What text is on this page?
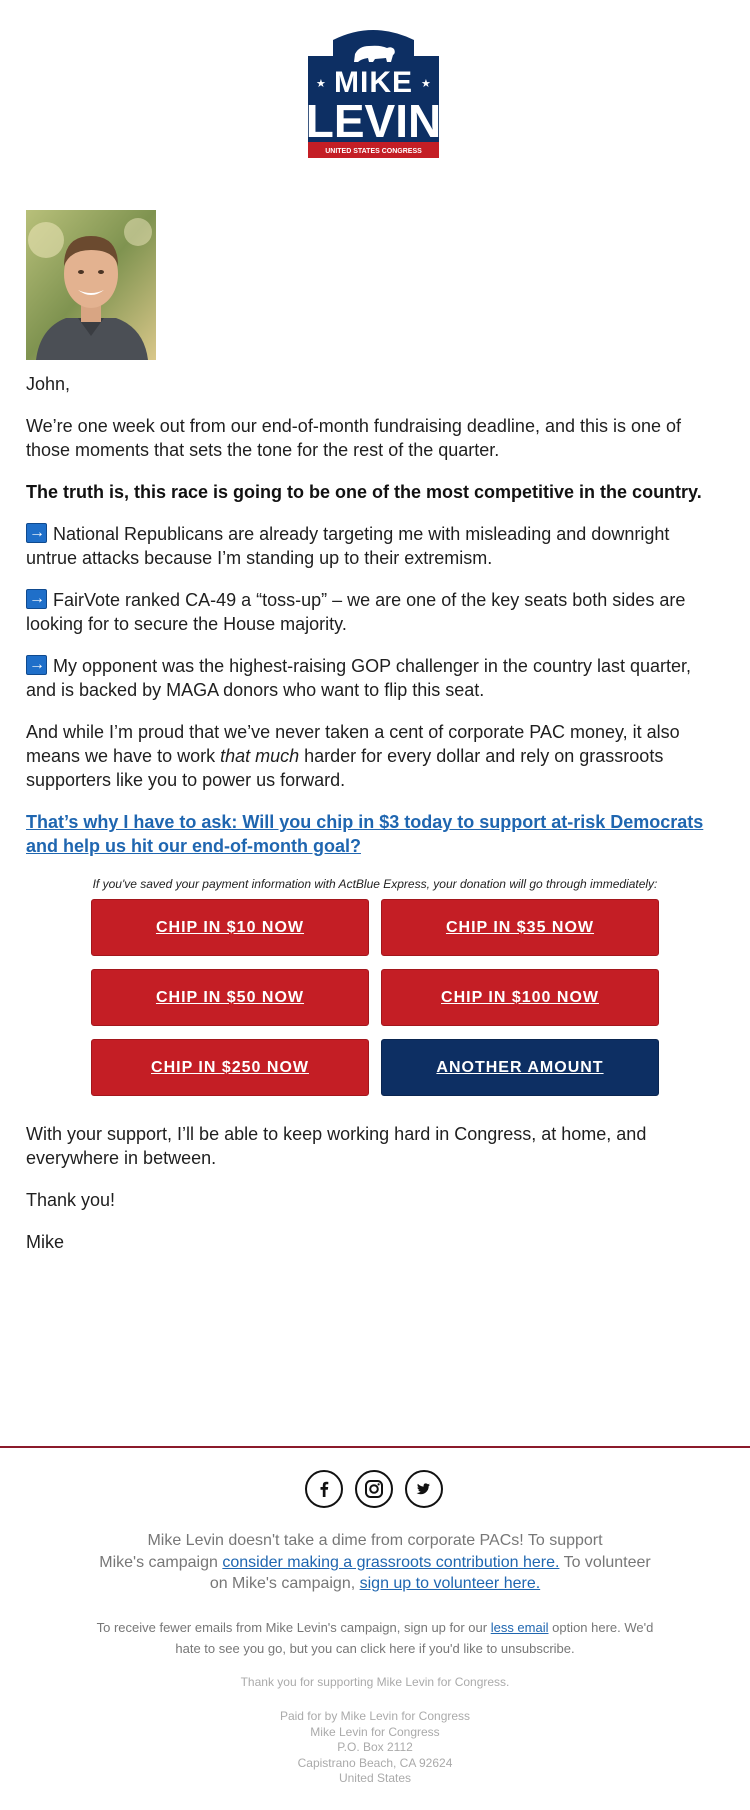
★	★
MIKE
LEVIN
UNITED STATES CONGRESS

John,

We’re one week out from our end-of-month fundraising deadline, and this is one of those moments that sets the tone for the rest of the quarter.

The truth is, this race is going to be one of the most competitive in the country.

→National Republicans are already targeting me with misleading and downright untrue attacks because I’m standing up to their extremism.

→FairVote ranked CA-49 a “toss-up” – we are one of the key seats both sides are looking for to secure the House majority.

→My opponent was the highest-raising GOP challenger in the country last quarter, and is backed by MAGA donors who want to flip this seat.

And while I’m proud that we’ve never taken a cent of corporate PAC money, it also means we have to work that much harder for every dollar and rely on grassroots supporters like you to power us forward.

That’s why I have to ask: Will you chip in $3 today to support at-risk Democrats and help us hit our end-of-month goal?

If you've saved your payment information with ActBlue Express, your donation will go through immediately:

CHIP IN $10 NOW	CHIP IN $35 NOW
CHIP IN $50 NOW	CHIP IN $100 NOW
CHIP IN $250 NOW	ANOTHER AMOUNT

With your support, I’ll be able to keep working hard in Congress, at home, and everywhere in between.

Thank you!

Mike

Mike Levin doesn't take a dime from corporate PACs! To support
Mike's campaign consider making a grassroots contribution here. To volunteer
on Mike's campaign, sign up to volunteer here.
To receive fewer emails from Mike Levin's campaign, sign up for our less email option here. We'd
hate to see you go, but you can click here if you'd like to unsubscribe.
Thank you for supporting Mike Levin for Congress.
Paid for by Mike Levin for Congress
Mike Levin for Congress
P.O. Box 2112
Capistrano Beach, CA 92624
United States
